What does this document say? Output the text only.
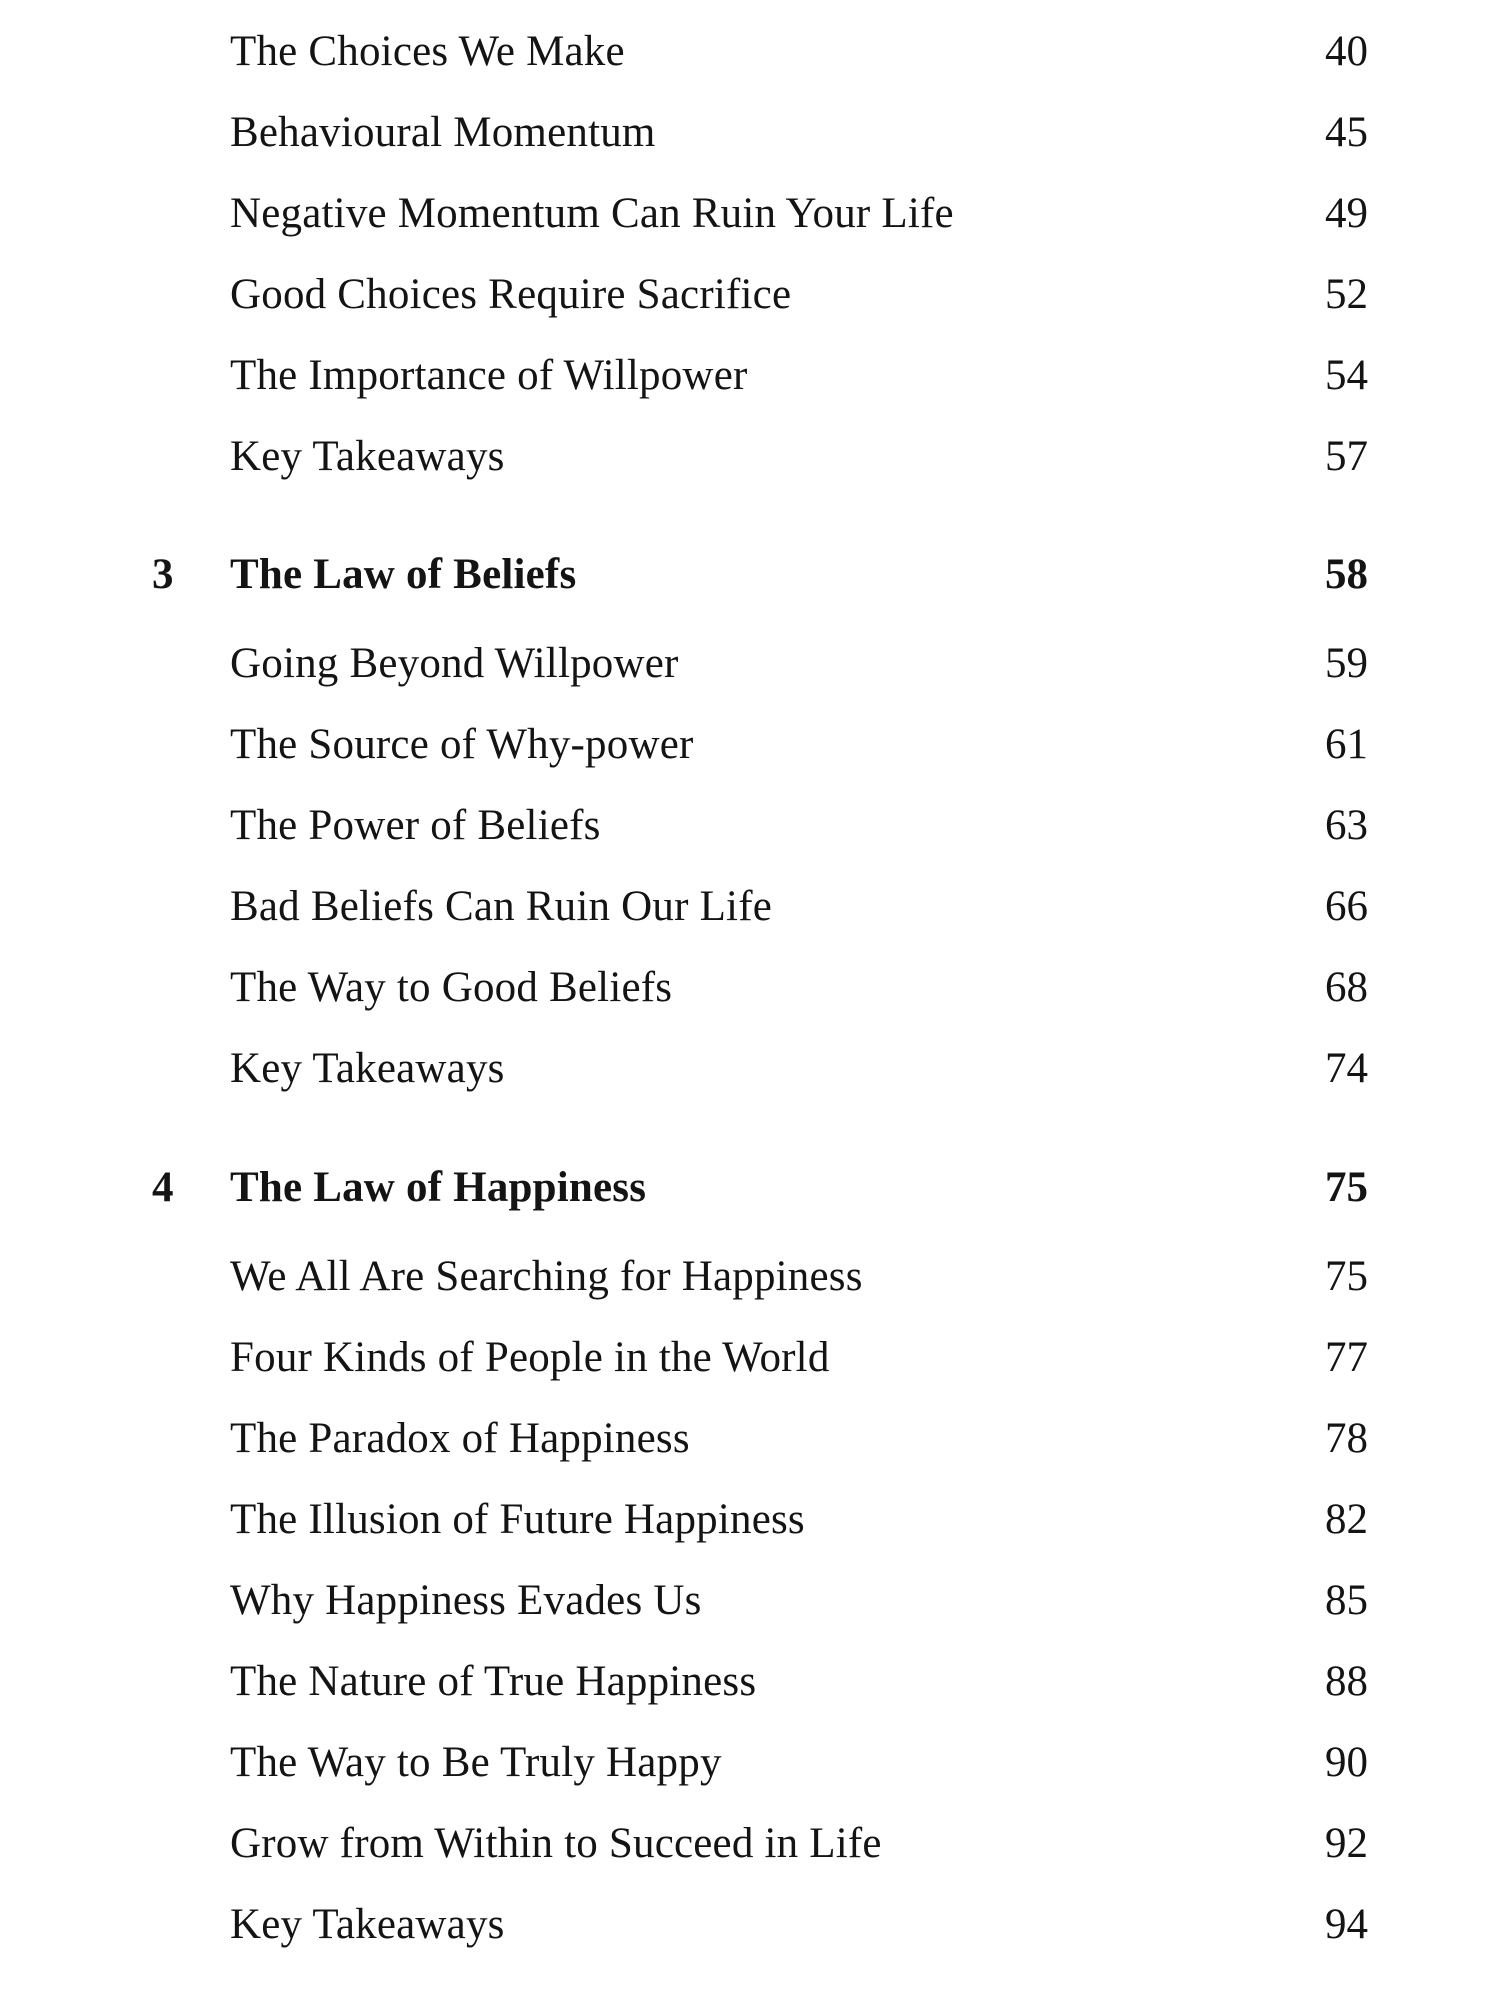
The Choices We Make	40
Behavioural Momentum	45
Negative Momentum Can Ruin Your Life	49
Good Choices Require Sacrifice	52
The Importance of Willpower	54
Key Takeaways	57
3	The Law of Beliefs	58
Going Beyond Willpower	59
The Source of Why-power	61
The Power of Beliefs	63
Bad Beliefs Can Ruin Our Life	66
The Way to Good Beliefs	68
Key Takeaways	74
4	The Law of Happiness	75
We All Are Searching for Happiness	75
Four Kinds of People in the World	77
The Paradox of Happiness	78
The Illusion of Future Happiness	82
Why Happiness Evades Us	85
The Nature of True Happiness	88
The Way to Be Truly Happy	90
Grow from Within to Succeed in Life	92
Key Takeaways	94
